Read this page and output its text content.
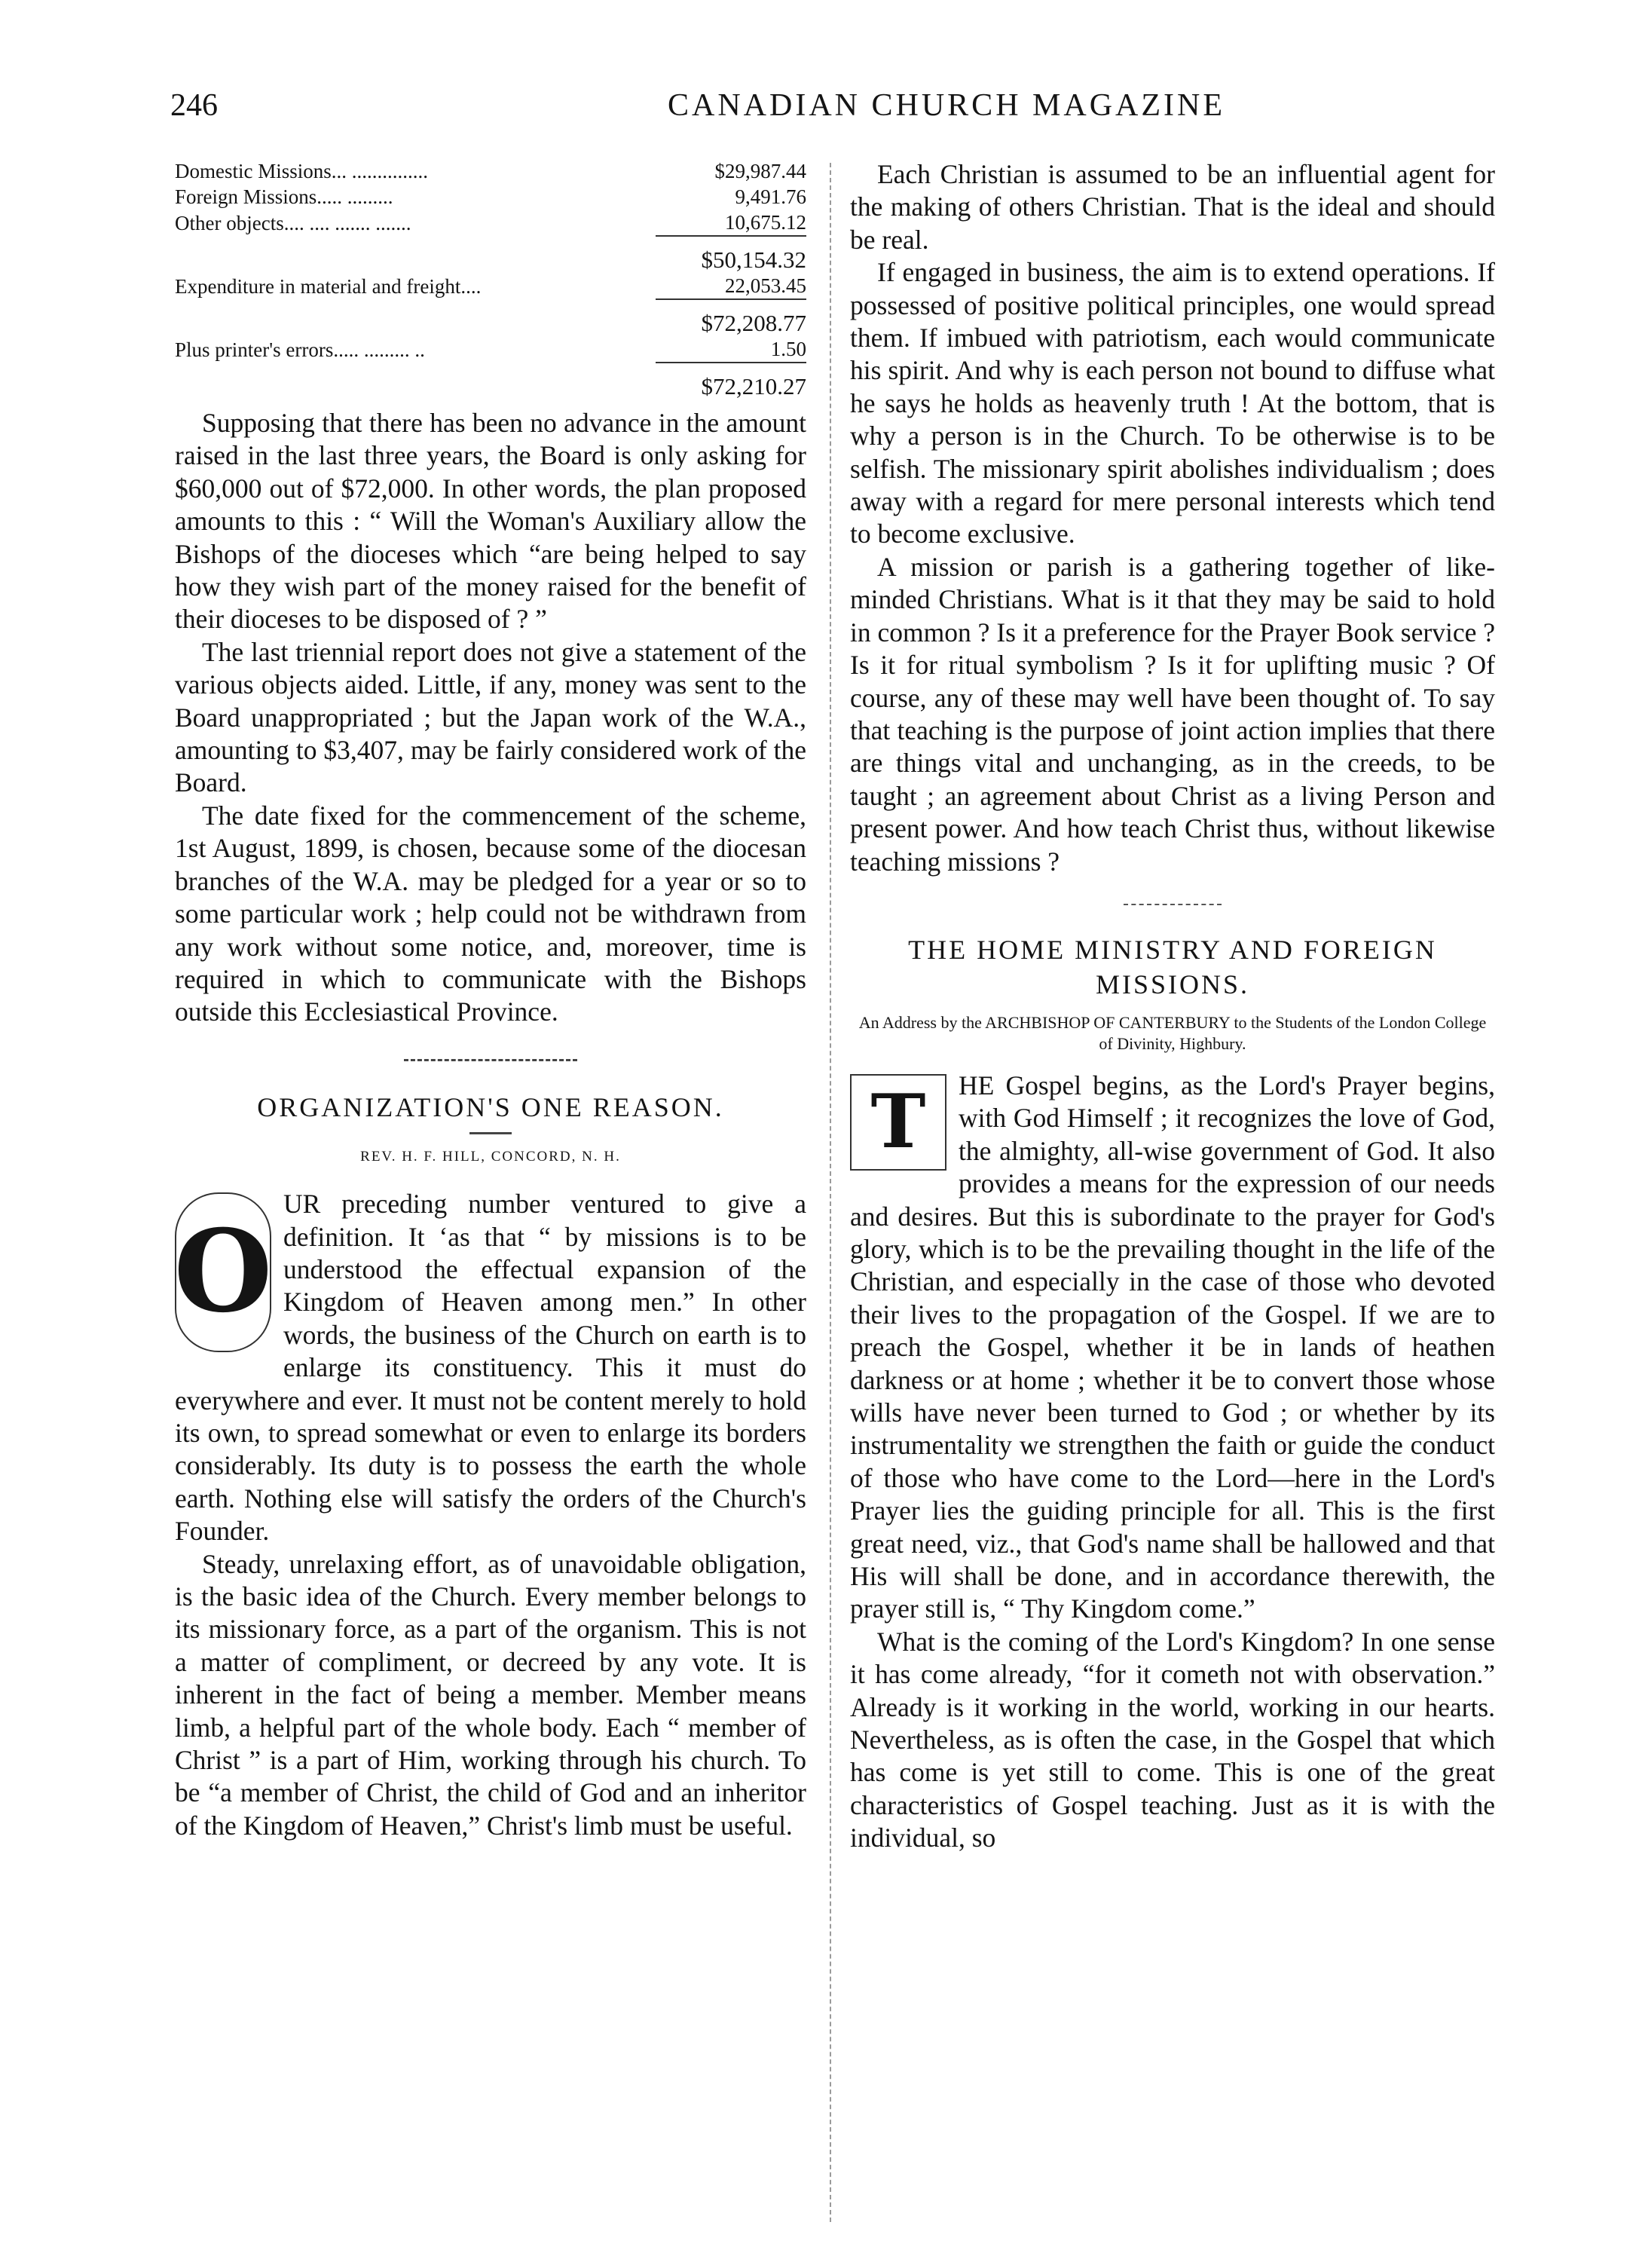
246	CANADIAN CHURCH MAGAZINE
Domestic Missions... ...............	$29,987.44
Foreign Missions..... .........	9,491.76
Other objects.... .... ....... .......	10,675.12
	$50,154.32
Expenditure in material and freight....	22,053.45
	$72,208.77
Plus printer's errors..... ......... ..	1.50
	$72,210.27

Supposing that there has been no advance in the amount raised in the last three years, the Board is only asking for $60,000 out of $72,000. In other words, the plan proposed amounts to this : “ Will the Woman's Auxiliary allow the Bishops of the dioceses which “are being helped to say how they wish part of the money raised for the benefit of their dioceses to be disposed of ? ”

The last triennial report does not give a statement of the various objects aided. Little, if any, money was sent to the Board unappropriated ; but the Japan work of the W.A., amounting to $3,407, may be fairly considered work of the Board.

The date fixed for the commencement of the scheme, 1st August, 1899, is chosen, because some of the diocesan branches of the W.A. may be pledged for a year or so to some particular work ; help could not be withdrawn from any work without some notice, and, moreover, time is required in which to communicate with the Bishops outside this Ecclesiastical Province.

ORGANIZATION'S ONE REASON.
REV. H. F. HILL, CONCORD, N. H.

O
UR preceding number ventured to give a definition. It ‘as that “ by missions is to be understood the effectual expansion of the Kingdom of Heaven among men.” In other words, the business of the Church on earth is to enlarge its constituency. This it must do everywhere and ever. It must not be content merely to hold its own, to spread somewhat or even to enlarge its borders considerably. Its duty is to possess the earth the whole earth. Nothing else will satisfy the orders of the Church's Founder.

Steady, unrelaxing effort, as of unavoidable obligation, is the basic idea of the Church. Every member belongs to its missionary force, as a part of the organism. This is not a matter of compliment, or decreed by any vote. It is inherent in the fact of being a member. Member means limb, a helpful part of the whole body. Each “ member of Christ ” is a part of Him, working through his church. To be “a member of Christ, the child of God and an inheritor of the Kingdom of Heaven,” Christ's limb must be useful.

Each Christian is assumed to be an influential agent for the making of others Christian. That is the ideal and should be real.

If engaged in business, the aim is to extend operations. If possessed of positive political principles, one would spread them. If imbued with patriotism, each would communicate his spirit. And why is each person not bound to diffuse what he says he holds as heavenly truth ! At the bottom, that is why a person is in the Church. To be otherwise is to be selfish. The missionary spirit abolishes individualism ; does away with a regard for mere personal interests which tend to become exclusive.

A mission or parish is a gathering together of like-minded Christians. What is it that they may be said to hold in common ? Is it a preference for the Prayer Book service ? Is it for ritual symbolism ? Is it for uplifting music ? Of course, any of these may well have been thought of. To say that teaching is the purpose of joint action implies that there are things vital and unchanging, as in the creeds, to be taught ; an agreement about Christ as a living Person and present power. And how teach Christ thus, without likewise teaching missions ?

THE HOME MINISTRY AND FOREIGN MISSIONS.
An Address by the ARCHBISHOP OF CANTERBURY to the Students of the London College of Divinity, Highbury.

T	HE Gospel begins, as the Lord's Prayer begins, with God Himself ; it recognizes the love of God, the almighty, all-wise government of God. It also provides a means for the expression of our needs and desires. But this is subordinate to the prayer for God's glory, which is to be the prevailing thought in the life of the Christian, and especially in the case of those who devoted their lives to the propagation of the Gospel. If we are to preach the Gospel, whether it be in lands of heathen darkness or at home ; whether it be to convert those whose wills have never been turned to God ; or whether by its instrumentality we strengthen the faith or guide the conduct of those who have come to the Lord—here in the Lord's Prayer lies the guiding principle for all. This is the first great need, viz., that God's name shall be hallowed and that His will shall be done, and in accordance therewith, the prayer still is, “ Thy Kingdom come.”

What is the coming of the Lord's Kingdom? In one sense it has come already, “for it cometh not with observation.” Already is it working in the world, working in our hearts. Nevertheless, as is often the case, in the Gospel that which has come is yet still to come. This is one of the great characteristics of Gospel teaching. Just as it is with the individual, so
